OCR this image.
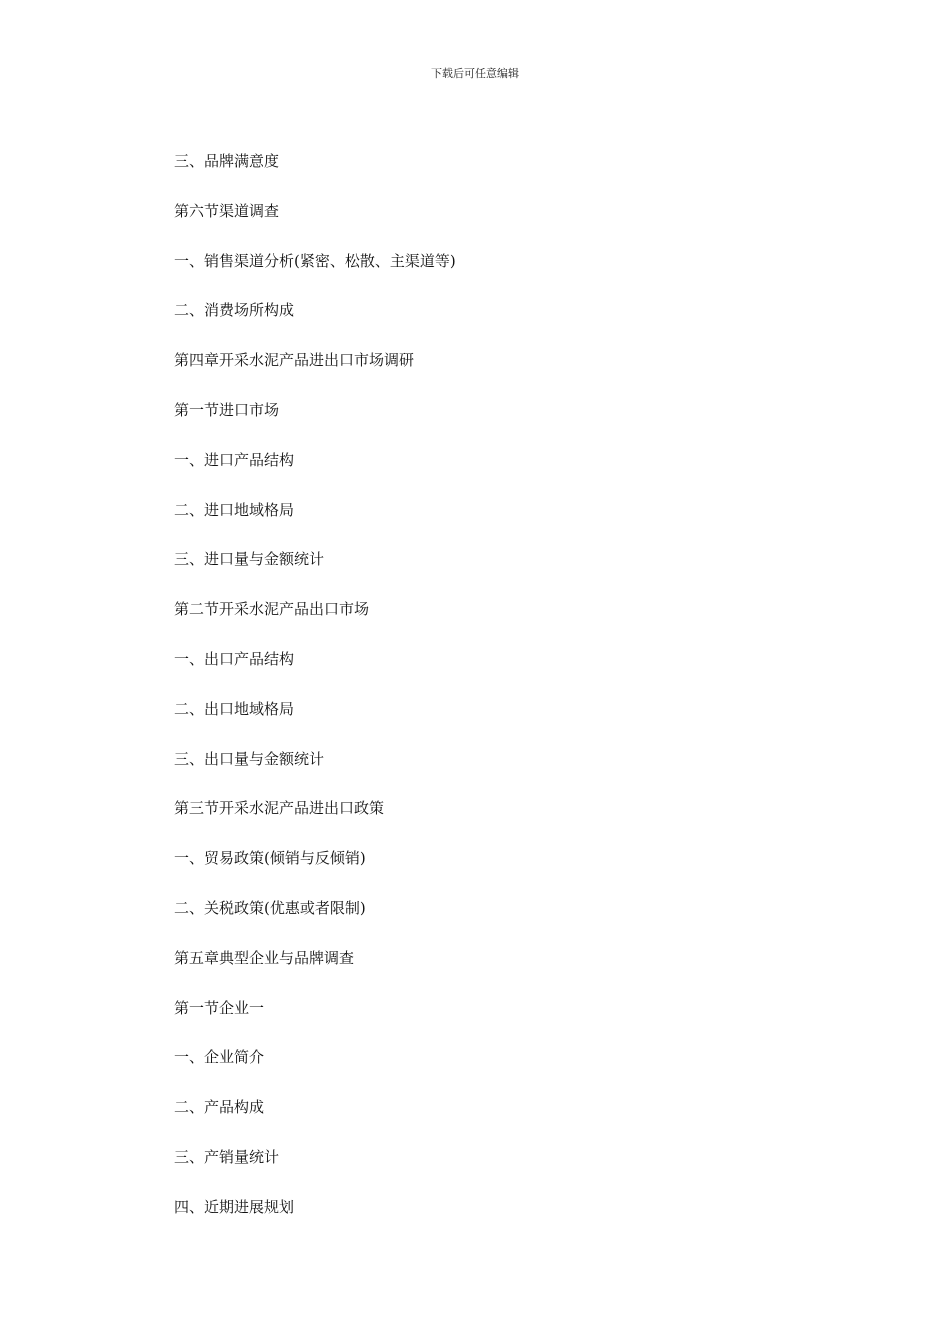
下载后可任意编辑
三、品牌满意度
第六节渠道调查
一、销售渠道分析(紧密、松散、主渠道等)
二、消费场所构成
第四章开采水泥产品进出口市场调研
第一节进口市场
一、进口产品结构
二、进口地域格局
三、进口量与金额统计
第二节开采水泥产品出口市场
一、出口产品结构
二、出口地域格局
三、出口量与金额统计
第三节开采水泥产品进出口政策
一、贸易政策(倾销与反倾销)
二、关税政策(优惠或者限制)
第五章典型企业与品牌调查
第一节企业一
一、企业简介
二、产品构成
三、产销量统计
四、近期进展规划
